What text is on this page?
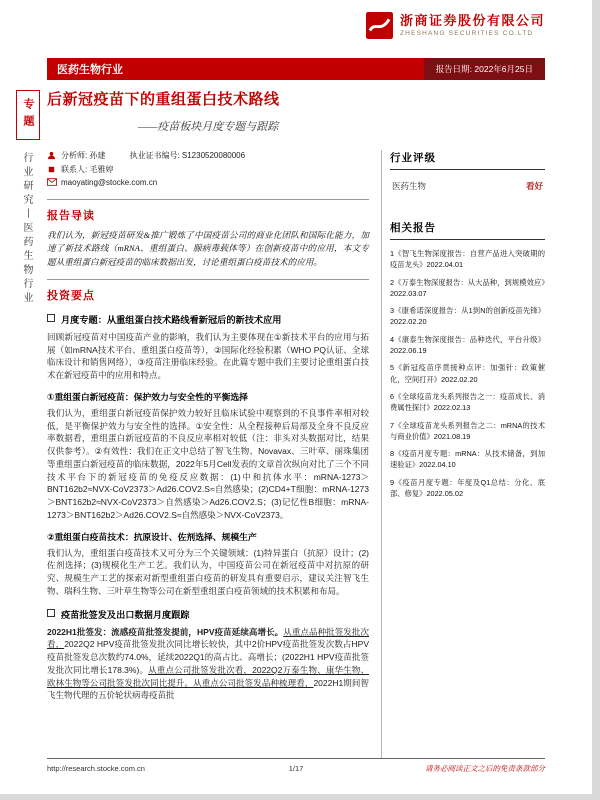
浙商证券股份有限公司
ZHESHANG SECURITIES CO.LTD
医药生物行业	报告日期: 2022年6月25日
专题
行业研究丨医药生物行业
后新冠疫苗下的重组蛋白技术路线
——疫苗板块月度专题与跟踪
分析师: 孙建	执业证书编号: S1230520080006
联系人: 毛雅婷
maoyating@stocke.com.cn
报告导读

我们认为，新冠疫苗研发&推广锻炼了中国疫苗公司的商业化团队和国际化能力，加速了新技术路线（mRNA、重组蛋白、腺病毒载体等）在创新疫苗中的应用，本文专题从重组蛋白新冠疫苗的临床数据出发，讨论重组蛋白疫苗技术的应用。

投资要点
月度专题：从重组蛋白技术路线看新冠后的新技术应用

回顾新冠疫苗对中国疫苗产业的影响，我们认为主要体现在①新技术平台的应用与拓展（如mRNA技术平台、重组蛋白疫苗等），②国际化经验积累（WHO PQ认证、全球临床设计和销售网络），③疫苗注册临床经验。在此篇专题中我们主要讨论重组蛋白技术在新冠疫苗中的应用和特点。

①重组蛋白新冠疫苗：保护效力与安全性的平衡选择

我们认为，重组蛋白新冠疫苗保护效力较好且临床试验中观察到的不良事件率相对较低，是平衡保护效力与安全性的选择。①安全性：从全程接种后局部及全身不良反应率数据看，重组蛋白新冠疫苗的不良反应率相对较低（注：非头对头数据对比，结果仅供参考）。②有效性：我们在正文中总结了智飞生物、Novavax、三叶草、丽珠集团等重组蛋白新冠疫苗的临床数据，2022年5月Cell发表的文章首次纵向对比了三个不同技术平台下的新冠疫苗的免疫反应数据：(1)中和抗体水平：mRNA-1273＞BNT162b2≈NVX-CoV2373＞Ad26.COV2.S≈自然感染；(2)CD4+T细胞：mRNA-1273＞BNT162b2≈NVX-CoV2373＞自然感染＞Ad26.COV2.S；(3)记忆性B细胞：mRNA-1273＞BNT162b2＞Ad26.COV2.S≈自然感染＞NVX-CoV2373。

②重组蛋白疫苗技术：抗原设计、佐剂选择、规模生产

我们认为，重组蛋白疫苗技术又可分为三个关键领域：(1)特异蛋白（抗原）设计；(2)佐剂选择；(3)规模化生产工艺。我们认为，中国疫苗公司在新冠疫苗中对抗原的研究、规模生产工艺的探索对新型重组蛋白疫苗的研发具有重要启示，建议关注智飞生物、瑞科生物、三叶草生物等公司在新型重组蛋白疫苗领域的技术积累和布局。

疫苗批签发及出口数据月度跟踪

2022H1批签发：流感疫苗批签发提前，HPV疫苗延续高增长。从重点品种批签发批次看，2022Q2 HPV疫苗批签发批次同比增长较快，其中2价HPV疫苗批签发次数占HPV疫苗批签发总次数约74.0%，延续2022Q1的高占比、高增长；(2022H1 HPV疫苗批签发批次同比增长178.3%)。从重点公司批签发批次看，2022Q2万泰生物、康华生物、欧林生物等公司批签发批次同比提升。从重点公司批签发品种梳理看，2022H1期间智飞生物代理的五价轮状病毒疫苗批

行业评级
医药生物	看好
相关报告
1《智飞生物深度报告：自营产品进入突破期的疫苗龙头》2022.04.01
2《万泰生物深度报告：从大品种，到规模效应》2022.03.07
3《康希诺深度报告：从1到N的创新疫苗先锋》2022.02.20
4《康泰生物深度报告：品种迭代，平台升级》2022.06.19
5《新冠疫苗序贯接种点评：加强针：政策催化，空间打开》2022.02.20
6《全球疫苗龙头系列报告之一：疫苗成长、消费属性探讨》2022.02.13
7《全球疫苗龙头系列报告之二：mRNA的技术与商业价值》2021.08.19
8《疫苗月度专题：mRNA：从技术储备，到加速验证》2022.04.10
9《疫苗月度专题：年度及Q1总结：分化、底部、修复》2022.05.02
http://research.stocke.com.cn	1/17	请务必阅读正文之后的免责条款部分
